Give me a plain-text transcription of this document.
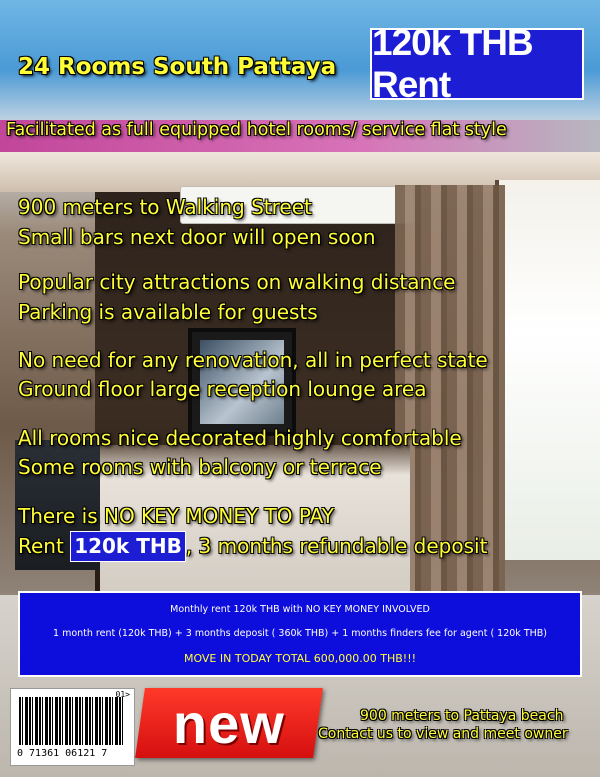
24 Rooms South Pattaya
120k THB Rent
Facilitated as full equipped hotel rooms/ service flat style
900 meters to Walking Street
Small bars next door will open soon
Popular city attractions on walking distance
Parking is available for guests
No need for any renovation, all in perfect state
Ground floor large reception lounge area
All rooms nice decorated highly comfortable
Some rooms with balcony or terrace
There is NO KEY MONEY TO PAY
Rent 120k THB , 3 months refundable deposit
Monthly rent 120k THB with NO KEY MONEY INVOLVED
1 month rent (120k THB) + 3 months deposit ( 360k THB) + 1 months finders fee for agent ( 120k THB)
MOVE IN TODAY TOTAL 600,000.00 THB!!!
01>
0 71361 06121 7 new	900 meters to Pattaya beach
Contact us to view and meet owner
